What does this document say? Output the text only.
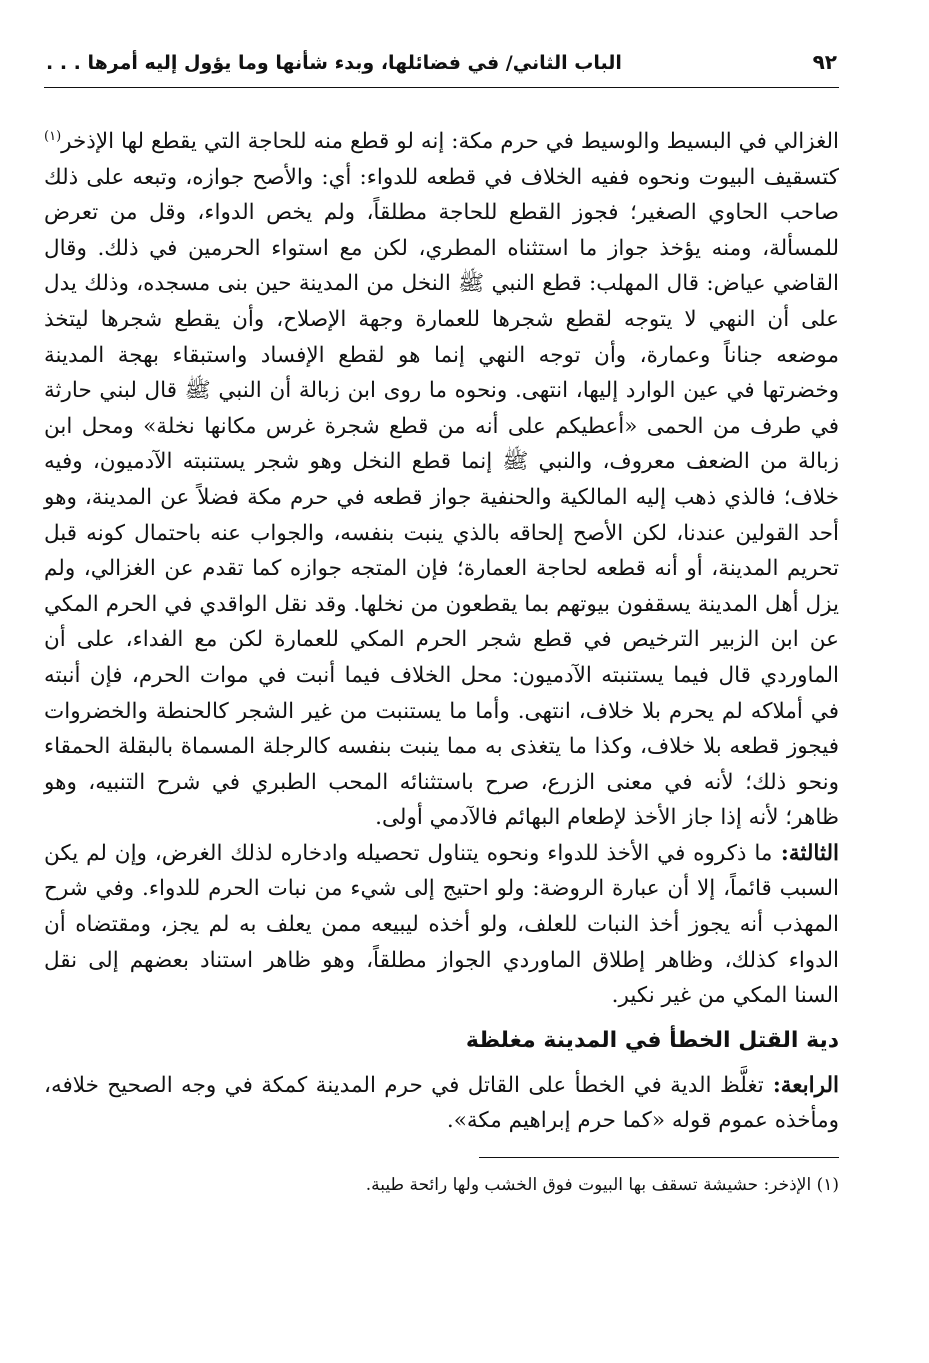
٩٢
الباب الثاني/ في فضائلها، وبدء شأنها وما يؤول إليه أمرها . . .

الغزالي في البسيط والوسيط في حرم مكة: إنه لو قطع منه للحاجة التي يقطع لها الإذخر$^{(١)}$ كتسقيف البيوت ونحوه ففيه الخلاف في قطعه للدواء: أي: والأصح جوازه، وتبعه على ذلك صاحب الحاوي الصغير؛ فجوز القطع للحاجة مطلقاً، ولم يخص الدواء، وقل من تعرض للمسألة، ومنه يؤخذ جواز ما استثناه المطري، لكن مع استواء الحرمين في ذلك. وقال القاضي عياض: قال المهلب: قطع النبي ﷺ النخل من المدينة حين بنى مسجده، وذلك يدل على أن النهي لا يتوجه لقطع شجرها للعمارة وجهة الإصلاح، وأن يقطع شجرها ليتخذ موضعه جناناً وعمارة، وأن توجه النهي إنما هو لقطع الإفساد واستبقاء بهجة المدينة وخضرتها في عين الوارد إليها، انتهى. ونحوه ما روى ابن زبالة أن النبي ﷺ قال لبني حارثة في طرف من الحمى «أعطيكم على أنه من قطع شجرة غرس مكانها نخلة» ومحل ابن زبالة من الضعف معروف، والنبي ﷺ إنما قطع النخل وهو شجر يستنبته الآدميون، وفيه خلاف؛ فالذي ذهب إليه المالكية والحنفية جواز قطعه في حرم مكة فضلاً عن المدينة، وهو أحد القولين عندنا، لكن الأصح إلحاقه بالذي ينبت بنفسه، والجواب عنه باحتمال كونه قبل تحريم المدينة، أو أنه قطعه لحاجة العمارة؛ فإن المتجه جوازه كما تقدم عن الغزالي، ولم يزل أهل المدينة يسقفون بيوتهم بما يقطعون من نخلها. وقد نقل الواقدي في الحرم المكي عن ابن الزبير الترخيص في قطع شجر الحرم المكي للعمارة لكن مع الفداء، على أن الماوردي قال فيما يستنبته الآدميون: محل الخلاف فيما أنبت في موات الحرم، فإن أنبته في أملاكه لم يحرم بلا خلاف، انتهى. وأما ما يستنبت من غير الشجر كالحنطة والخضروات فيجوز قطعه بلا خلاف، وكذا ما يتغذى به مما ينبت بنفسه كالرجلة المسماة بالبقلة الحمقاء ونحو ذلك؛ لأنه في معنى الزرع، صرح باستثنائه المحب الطبري في شرح التنبيه، وهو ظاهر؛ لأنه إذا جاز الأخذ لإطعام البهائم فالآدمي أولى.

الثالثة: ما ذكروه في الأخذ للدواء ونحوه يتناول تحصيله وادخاره لذلك الغرض، وإن لم يكن السبب قائماً، إلا أن عبارة الروضة: ولو احتيج إلى شيء من نبات الحرم للدواء. وفي شرح المهذب أنه يجوز أخذ النبات للعلف، ولو أخذه ليبيعه ممن يعلف به لم يجز، ومقتضاه أن الدواء كذلك، وظاهر إطلاق الماوردي الجواز مطلقاً، وهو ظاهر استناد بعضهم إلى نقل السنا المكي من غير نكير.

دية القتل الخطأ في المدينة مغلظة

الرابعة: تغلَّظ الدية في الخطأ على القاتل في حرم المدينة كمكة في وجه الصحيح خلافه، ومأخذه عموم قوله «كما حرم إبراهيم مكة».

(١) الإذخر: حشيشة تسقف بها البيوت فوق الخشب ولها رائحة طيبة.
